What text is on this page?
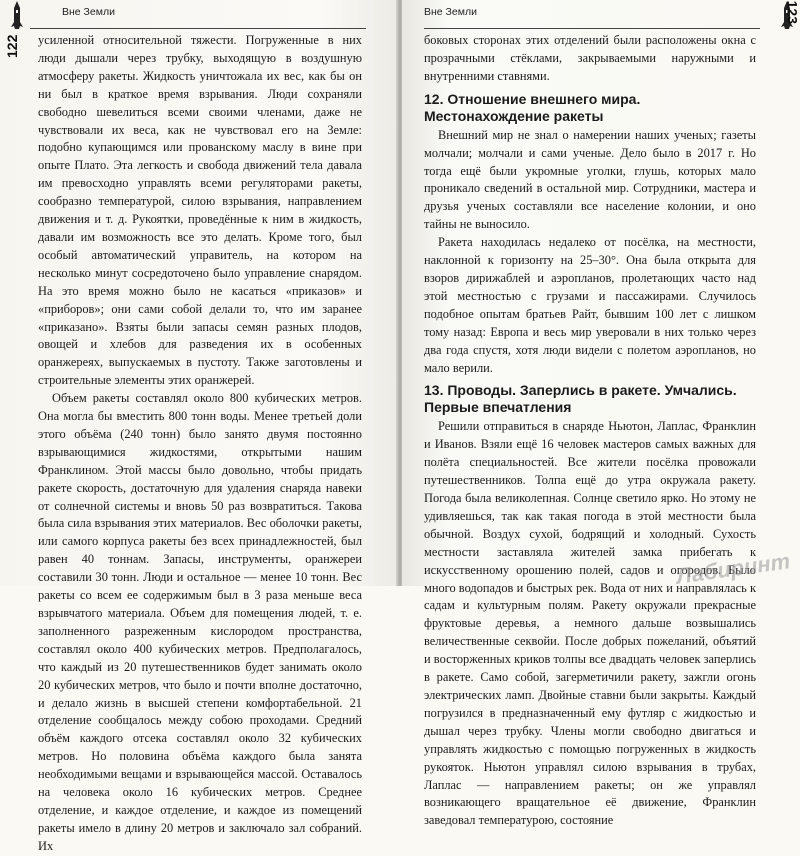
122
Вне Земли

усиленной относительной тяжести. Погруженные в них люди дышали через трубку, выходящую в воздушную атмосферу ракеты. Жидкость уничтожала их вес, как бы он ни был в краткое время взрывания. Люди сохраняли свободно шевелиться всеми своими членами, даже не чувствовали их веса, как не чувствовал его на Земле: подобно купающимся или прованскому маслу в вине при опыте Плато. Эта легкость и свобода движений тела давала им превосходно управлять всеми регуляторами ракеты, сообразно температурой, силою взрывания, направлением движения и т. д. Рукоятки, проведённые к ним в жидкость, давали им возможность все это делать. Кроме того, был особый автоматический управитель, на котором на несколько минут сосредоточено было управление снарядом. На это время можно было не касаться «приказов» и «приборов»; они сами собой делали то, что им заранее «приказано». Взяты были запасы семян разных плодов, овощей и хлебов для разведения их в особенных оранжереях, выпускаемых в пустоту. Также заготовлены и строительные элементы этих оранжерей.

Объем ракеты составлял около 800 кубических метров. Она могла бы вместить 800 тонн воды. Менее третьей доли этого объёма (240 тонн) было занято двумя постоянно взрывающимися жидкостями, открытыми нашим Франклином. Этой массы было довольно, чтобы придать ракете скорость, достаточную для удаления снаряда навеки от солнечной системы и вновь 50 раз возвратиться. Такова была сила взрывания этих материалов. Вес оболочки ракеты, или самого корпуса ракеты без всех принадлежностей, был равен 40 тоннам. Запасы, инструменты, оранжереи составили 30 тонн. Люди и остальное — менее 10 тонн. Вес ракеты со всем ее содержимым был в 3 раза меньше веса взрывчатого материала. Объем для помещения людей, т. е. заполненного разреженным кислородом пространства, составлял около 400 кубических метров. Предполагалось, что каждый из 20 путешественников будет занимать около 20 кубических метров, что было и почти вполне достаточно, и делало жизнь в высшей степени комфортабельной. 21 отделение сообщалось между собою проходами. Средний объём каждого отсека составлял около 32 кубических метров. Но половина объёма каждого была занята необходимыми вещами и взрывающейся массой. Оставалось на человека около 16 кубических метров. Среднее отделение, и каждое отделение, и каждое из помещений ракеты имело в длину 20 метров и заключало зал собраний. Их

123
Вне Земли

боковых сторонах этих отделений были расположены окна с прозрачными стёклами, закрываемыми наружными и внутренними ставнями.

12. Отношение внешнего мира. Местонахождение ракеты

Внешний мир не знал о намерении наших ученых; газеты молчали; молчали и сами ученые. Дело было в 2017 г. Но тогда ещё были укромные уголки, глушь, которых мало проникало сведений в остальной мир. Сотрудники, мастера и друзья ученых составляли все население колонии, и оно тайны не выносило.

Ракета находилась недалеко от посёлка, на местности, наклонной к горизонту на 25–30°. Она была открыта для взоров дирижаблей и аэропланов, пролетающих часто над этой местностью с грузами и пассажирами. Случилось подобное опытам братьев Райт, бывшим 100 лет с лишком тому назад: Европа и весь мир уверовали в них только через два года спустя, хотя люди видели с полетом аэропланов, но мало верили.

13. Проводы. Заперлись в ракете. Умчались. Первые впечатления

Решили отправиться в снаряде Ньютон, Лаплас, Франклин и Иванов. Взяли ещё 16 человек мастеров самых важных для полёта специальностей. Все жители посёлка провожали путешественников. Толпа ещё до утра окружала ракету. Погода была великолепная. Солнце светило ярко. Но этому не удивляешься, так как такая погода в этой местности была обычной. Воздух сухой, бодрящий и холодный. Сухость местности заставляла жителей замка прибегать к искусственному орошению полей, садов и огородов. Было много водопадов и быстрых рек. Вода от них и направлялась к садам и культурным полям. Ракету окружали прекрасные фруктовые деревья, а немного дальше возвышались величественные секвойи. После добрых пожеланий, объятий и восторженных криков толпы все двадцать человек заперлись в ракете. Само собой, загерметичили ракету, зажгли огонь электрических ламп. Двойные ставни были закрыты. Каждый погрузился в предназначенный ему футляр с жидкостью и дышал через трубку. Члены могли свободно двигаться и управлять жидкостью с помощью погруженных в жидкость рукояток. Ньютон управлял силою взрывания в трубах, Лаплас — направлением ракеты; он же управлял возникающего вращательное её движение, Франклин заведовал температурою, состояние

Лабиринт
